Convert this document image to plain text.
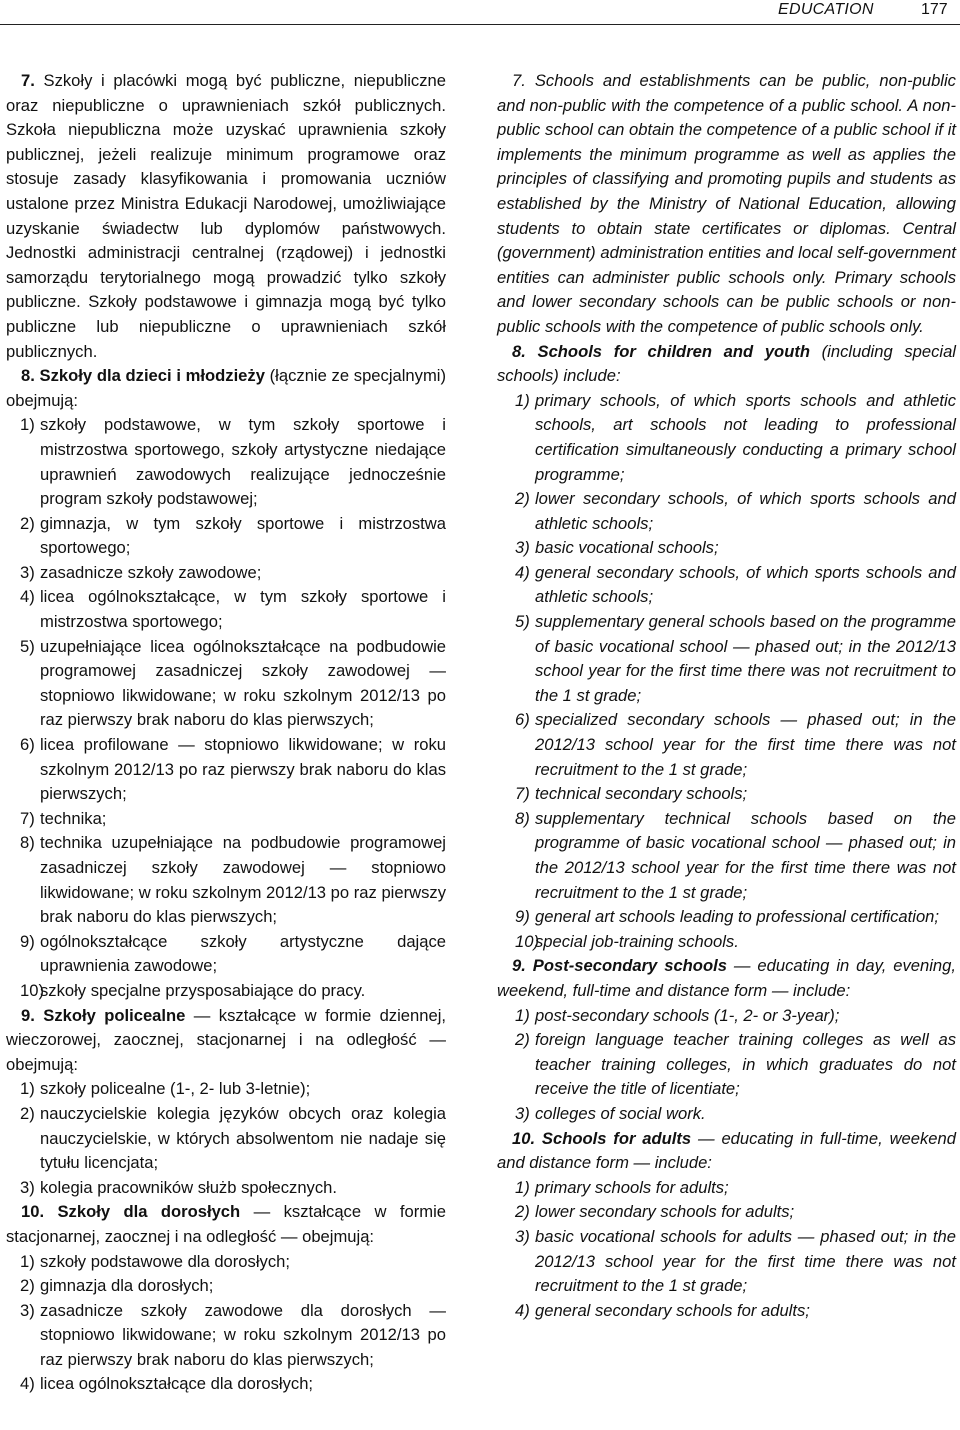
EDUCATION	177

7. Szkoły i placówki mogą być publiczne, niepubliczne oraz niepubliczne o uprawnieniach szkół publicznych. Szkoła niepubliczna może uzyskać uprawnienia szkoły publicznej, jeżeli realizuje minimum programowe oraz stosuje zasady klasyfikowania i promowania uczniów ustalone przez Ministra Edukacji Narodowej, umożliwiające uzyskanie świadectw lub dyplomów państwowych. Jednostki administracji centralnej (rządowej) i jednostki samorządu terytorialnego mogą prowadzić tylko szkoły publiczne. Szkoły podstawowe i gimnazja mogą być tylko publiczne lub niepubliczne o uprawnieniach szkół publicznych.

8. Szkoły dla dzieci i młodzieży (łącznie ze specjalnymi) obejmują:

1) szkoły podstawowe, w tym szkoły sportowe i mistrzostwa sportowego, szkoły artystyczne niedające uprawnień zawodowych realizujące jednocześnie program szkoły podstawowej;
2) gimnazja, w tym szkoły sportowe i mistrzostwa sportowego;
3) zasadnicze szkoły zawodowe;
4) licea ogólnokształcące, w tym szkoły sportowe i mistrzostwa sportowego;
5) uzupełniające licea ogólnokształcące na podbudowie programowej zasadniczej szkoły zawodowej — stopniowo likwidowane; w roku szkolnym 2012/13 po raz pierwszy brak naboru do klas pierwszych;
6) licea profilowane — stopniowo likwidowane; w roku szkolnym 2012/13 po raz pierwszy brak naboru do klas pierwszych;
7) technika;
8) technika uzupełniające na podbudowie programowej zasadniczej szkoły zawodowej — stopniowo likwidowane; w roku szkolnym 2012/13 po raz pierwszy brak naboru do klas pierwszych;
9) ogólnokształcące szkoły artystyczne dające uprawnienia zawodowe;
10)
szkoły specjalne przysposabiające do pracy.

9. Szkoły policealne — kształcące w formie dziennej, wieczorowej, zaocznej, stacjonarnej i na odległość — obejmują:

1) szkoły policealne (1-, 2- lub 3-letnie);
2) nauczycielskie kolegia języków obcych oraz kolegia nauczycielskie, w których absolwentom nie nadaje się tytułu licencjata;
3) kolegia pracowników służb społecznych.

10. Szkoły dla dorosłych — kształcące w formie stacjonarnej, zaocznej i na odległość — obejmują:

1) szkoły podstawowe dla dorosłych;
2) gimnazja dla dorosłych;
3) zasadnicze szkoły zawodowe dla dorosłych — stopniowo likwidowane; w roku szkolnym 2012/13 po raz pierwszy brak naboru do klas pierwszych;
4) licea ogólnokształcące dla dorosłych;

7. Schools and establishments can be public, non-public and non-public with the competence of a public school. A non-public school can obtain the competence of a public school if it implements the minimum programme as well as applies the principles of classifying and promoting pupils and students as established by the Ministry of National Education, allowing students to obtain state certificates or diplomas. Central (government) administration entities and local self-government entities can administer public schools only. Primary schools and lower secondary schools can be public schools or non-public schools with the competence of public schools only.

8. Schools for children and youth (including special schools) include:

1) primary schools, of which sports schools and athletic schools, art schools not leading to professional certification simultaneously conducting a primary school programme;
2) lower secondary schools, of which sports schools and athletic schools;
3) basic vocational schools;
4) general secondary schools, of which sports schools and athletic schools;
5) supplementary general schools based on the programme of basic vocational school — phased out; in the 2012/13 school year for the first time there was not recruitment to the 1 st grade;
6) specialized secondary schools — phased out; in the 2012/13 school year for the first time there was not recruitment to the 1 st grade;
7) technical secondary schools;
8) supplementary technical schools based on the programme of basic vocational school — phased out; in the 2012/13 school year for the first time there was not recruitment to the 1 st grade;
9) general art schools leading to professional certification;
10)
special job-training schools.

9. Post-secondary schools — educating in day, evening, weekend, full-time and distance form — include:

1) post-secondary schools (1-, 2- or 3-year);
2) foreign language teacher training colleges as well as teacher training colleges, in which graduates do not receive the title of licentiate;
3) colleges of social work.

10. Schools for adults — educating in full-time, weekend and distance form — include:

1) primary schools for adults;
2) lower secondary schools for adults;
3) basic vocational schools for adults — phased out; in the 2012/13 school year for the first time there was not recruitment to the 1 st grade;
4) general secondary schools for adults;
